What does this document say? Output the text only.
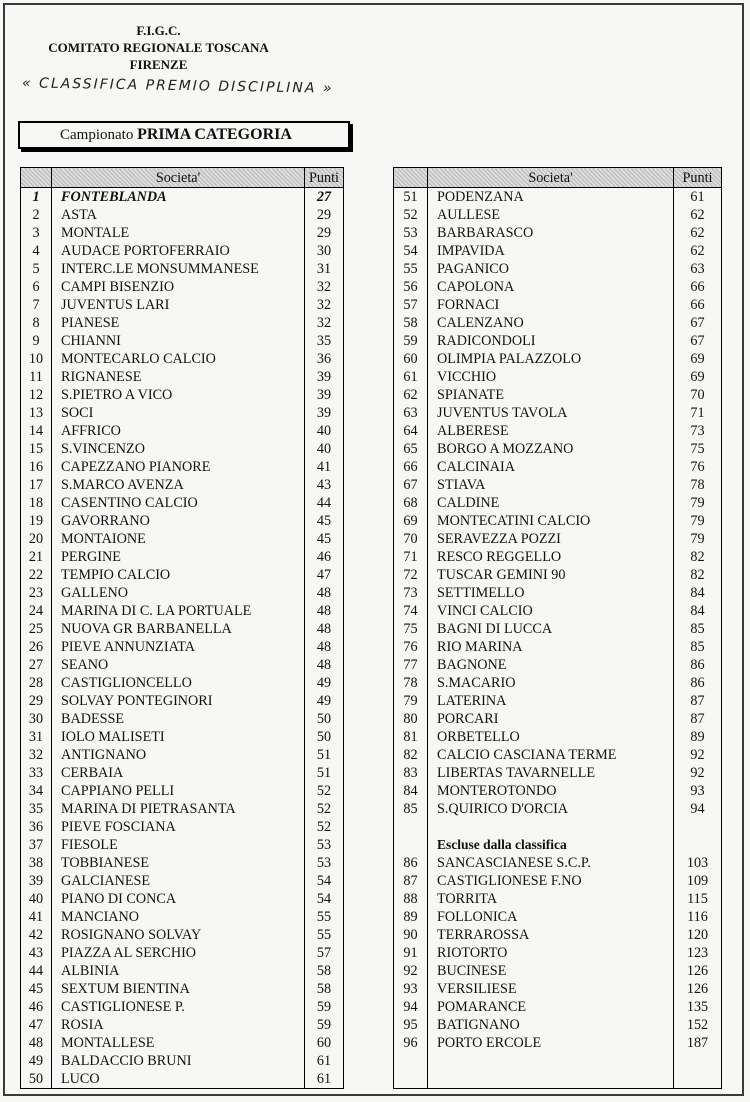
F.I.G.C.
COMITATO REGIONALE TOSCANA
FIRENZE
« CLASSIFICA PREMIO DISCIPLINA »
Campionato PRIMA CATEGORIA
	Societa'	Punti
1	FONTEBLANDA	27
2	ASTA	29
3	MONTALE	29
4	AUDACE PORTOFERRAIO	30
5	INTERC.LE MONSUMMANESE	31
6	CAMPI BISENZIO	32
7	JUVENTUS LARI	32
8	PIANESE	32
9	CHIANNI	35
10	MONTECARLO CALCIO	36
11	RIGNANESE	39
12	S.PIETRO A VICO	39
13	SOCI	39
14	AFFRICO	40
15	S.VINCENZO	40
16	CAPEZZANO PIANORE	41
17	S.MARCO AVENZA	43
18	CASENTINO CALCIO	44
19	GAVORRANO	45
20	MONTAIONE	45
21	PERGINE	46
22	TEMPIO CALCIO	47
23	GALLENO	48
24	MARINA DI C. LA PORTUALE	48
25	NUOVA GR BARBANELLA	48
26	PIEVE ANNUNZIATA	48
27	SEANO	48
28	CASTIGLIONCELLO	49
29	SOLVAY PONTEGINORI	49
30	BADESSE	50
31	IOLO MALISETI	50
32	ANTIGNANO	51
33	CERBAIA	51
34	CAPPIANO PELLI	52
35	MARINA DI PIETRASANTA	52
36	PIEVE FOSCIANA	52
37	FIESOLE	53
38	TOBBIANESE	53
39	GALCIANESE	54
40	PIANO DI CONCA	54
41	MANCIANO	55
42	ROSIGNANO SOLVAY	55
43	PIAZZA AL SERCHIO	57
44	ALBINIA	58
45	SEXTUM BIENTINA	58
46	CASTIGLIONESE P.	59
47	ROSIA	59
48	MONTALLESE	60
49	BALDACCIO BRUNI	61
50	LUCO	61
	Societa'	Punti
51	PODENZANA	61
52	AULLESE	62
53	BARBARASCO	62
54	IMPAVIDA	62
55	PAGANICO	63
56	CAPOLONA	66
57	FORNACI	66
58	CALENZANO	67
59	RADICONDOLI	67
60	OLIMPIA PALAZZOLO	69
61	VICCHIO	69
62	SPIANATE	70
63	JUVENTUS TAVOLA	71
64	ALBERESE	73
65	BORGO A MOZZANO	75
66	CALCINAIA	76
67	STIAVA	78
68	CALDINE	79
69	MONTECATINI CALCIO	79
70	SERAVEZZA POZZI	79
71	RESCO REGGELLO	82
72	TUSCAR GEMINI 90	82
73	SETTIMELLO	84
74	VINCI CALCIO	84
75	BAGNI DI LUCCA	85
76	RIO MARINA	85
77	BAGNONE	86
78	S.MACARIO	86
79	LATERINA	87
80	PORCARI	87
81	ORBETELLO	89
82	CALCIO CASCIANA TERME	92
83	LIBERTAS TAVARNELLE	92
84	MONTEROTONDO	93
85	S.QUIRICO D'ORCIA	94

	Escluse dalla classifica	
86	SANCASCIANESE S.C.P.	103
87	CASTIGLIONESE F.NO	109
88	TORRITA	115
89	FOLLONICA	116
90	TERRAROSSA	120
91	RIOTORTO	123
92	BUCINESE	126
93	VERSILIESE	126
94	POMARANCE	135
95	BATIGNANO	152
96	PORTO ERCOLE	187
